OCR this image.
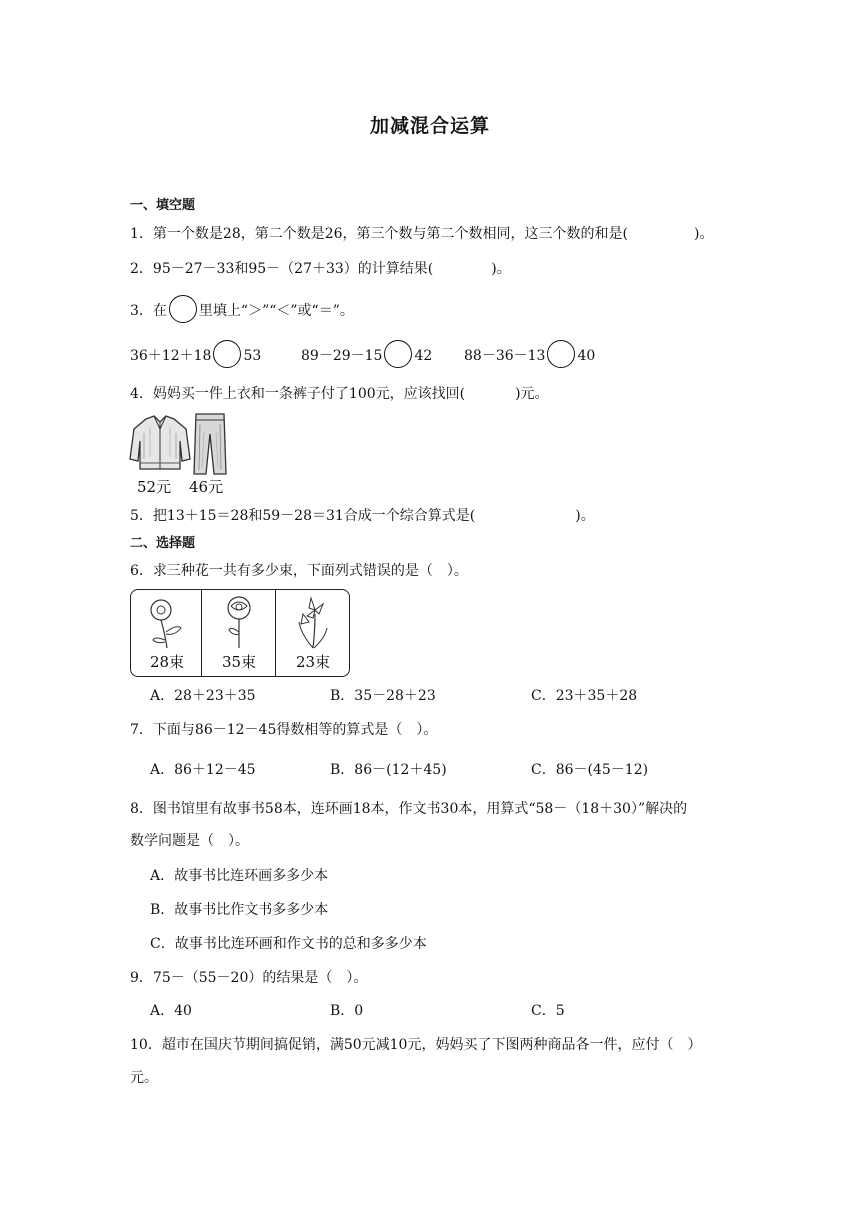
加减混合运算
一、填空题
1．第一个数是28，第二个数是26，第三个数与第二个数相同，这三个数的和是(	)。
2．95－27－33和95－（27＋33）的计算结果(	)。
3．在 里填上“＞”“＜”或“＝”。
36＋12＋18 53	89－29－15 42 88－36－13 40
4．妈妈买一件上衣和一条裤子付了100元，应该找回(	)元。
52元 46元
5．把13＋15＝28和59－28＝31合成一个综合算式是(	)。
二、选择题
6．求三种花一共有多少束，下面列式错误的是（　）。
28束	35束	23束
A．28＋23＋35	B．35－28＋23	C．23＋35＋28
7．下面与86－12－45得数相等的算式是（　）。
A．86＋12－45	B．86－(12＋45)	C．86－(45－12)
8．图书馆里有故事书58本，连环画18本，作文书30本，用算式“58－（18＋30）”解决的
数学问题是（　）。
A．故事书比连环画多多少本
B．故事书比作文书多多少本
C．故事书比连环画和作文书的总和多多少本
9．75－（55－20）的结果是（　）。
A．40	B．0	C．5
10．超市在国庆节期间搞促销，满50元减10元，妈妈买了下图两种商品各一件，应付（　）
元。
